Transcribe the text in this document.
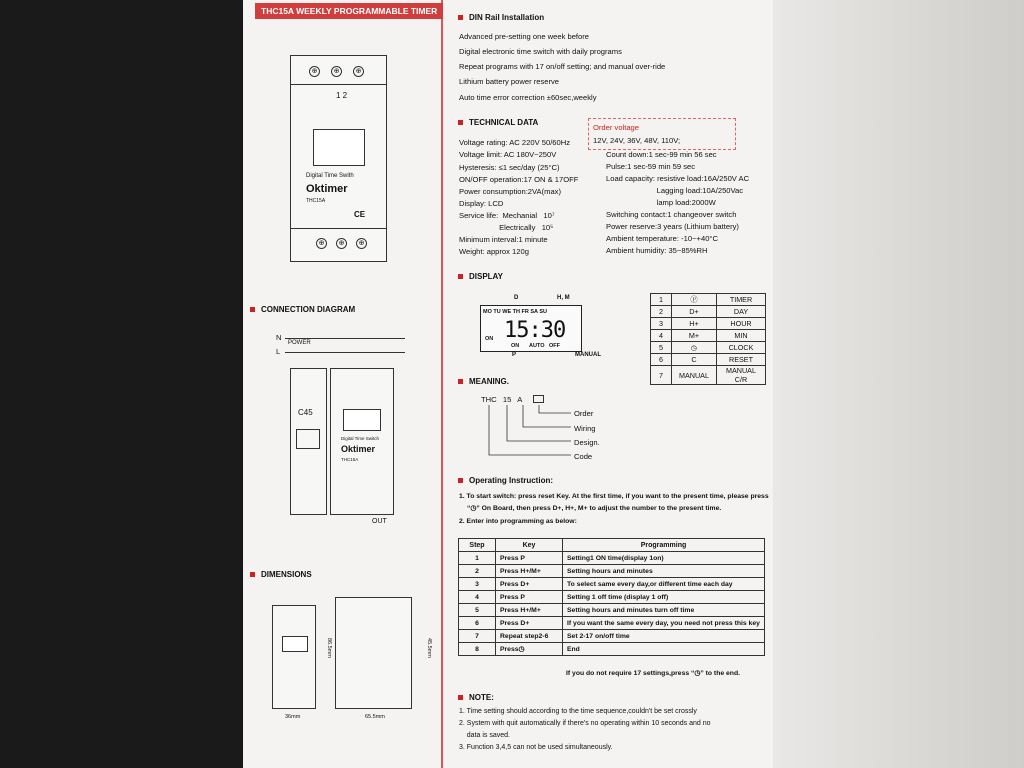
THC15A WEEKLY PROGRAMMABLE TIMER
⊕	⊕	⊕
1 2
Digital Time Swith
Oktimer
THC15A
CE
⊕	⊕	⊕
CONNECTION DIAGRAM
N
L
POWER
C45
Digital Time Switch
Oktimer
THC15A
OUT
DIMENSIONS
36mm	65.5mm
86.5mm	45.5mm
DIN Rail Installation
Advanced pre-setting one week before
Digital electronic time switch with daily programs
Repeat programs with 17 on/off setting; and manual over-ride
Lithium battery power reserve
Auto time error correction ±60sec,weekly
TECHNICAL DATA
Voltage rating: AC 220V 50/60Hz
Voltage limit: AC 180V~250V
Hysteresis: ≤1 sec/day (25°C)
ON/OFF operation:17 ON & 17OFF
Power consumption:2VA(max)
Display: LCD
Service life:  Mechanial   10⁷
Electrically   10⁵
Minimum interval:1 minute
Weight: approx 120g
Order voltage
12V, 24V, 36V, 48V, 110V;
Count down:1 sec-99 min 56 sec
Pulse:1 sec-59 min 59 sec
Load capacity: resistive load:16A/250V AC
Lagging load:10A/250Vac
lamp load:2000W
Switching contact:1 changeover switch
Power reserve:3 years (Lithium battery)
Ambient temperature: -10~+40°C
Ambient humidity: 35~85%RH
DISPLAY
D	H, M
MO TU WE TH FR SA SU
15:30
ON
ON AUTO OFF
P	MANUAL
1	Ⓟ	TIMER
2	D+	DAY
3	H+	HOUR
4	M+	MIN
5	◷	CLOCK
6	C	RESET
7	MANUAL	MANUAL C/R
MEANING.
THC   15   A
Order
Wiring
Design.
Code
Operating Instruction:
1. To start switch: press reset Key. At the first time, if you want to the present time, please press
“◷” On Board, then press D+, H+, M+ to adjust the number to the present time.
2. Enter into programming as below:
Step	Key	Programming
1	Press P	Setting1 ON time(display 1on)
2	Press H+/M+	Setting hours and minutes
3	Press D+	To select same every day,or different time each day
4	Press P	Setting 1 off time (display 1 off)
5	Press H+/M+	Setting hours and minutes turn off time
6	Press D+	If you want the same every day, you need not press this key
7	Repeat step2-6	Set 2-17 on/off time
8	Press◷	End
If you do not require 17 settings,press “◷” to the end.
NOTE:
1. Time setting should according to the time sequence,couldn't be set crossly
2. System with quit automatically if there's no operating within 10 seconds and no
data is saved.
3. Function 3,4,5 can not be used simultaneously.
